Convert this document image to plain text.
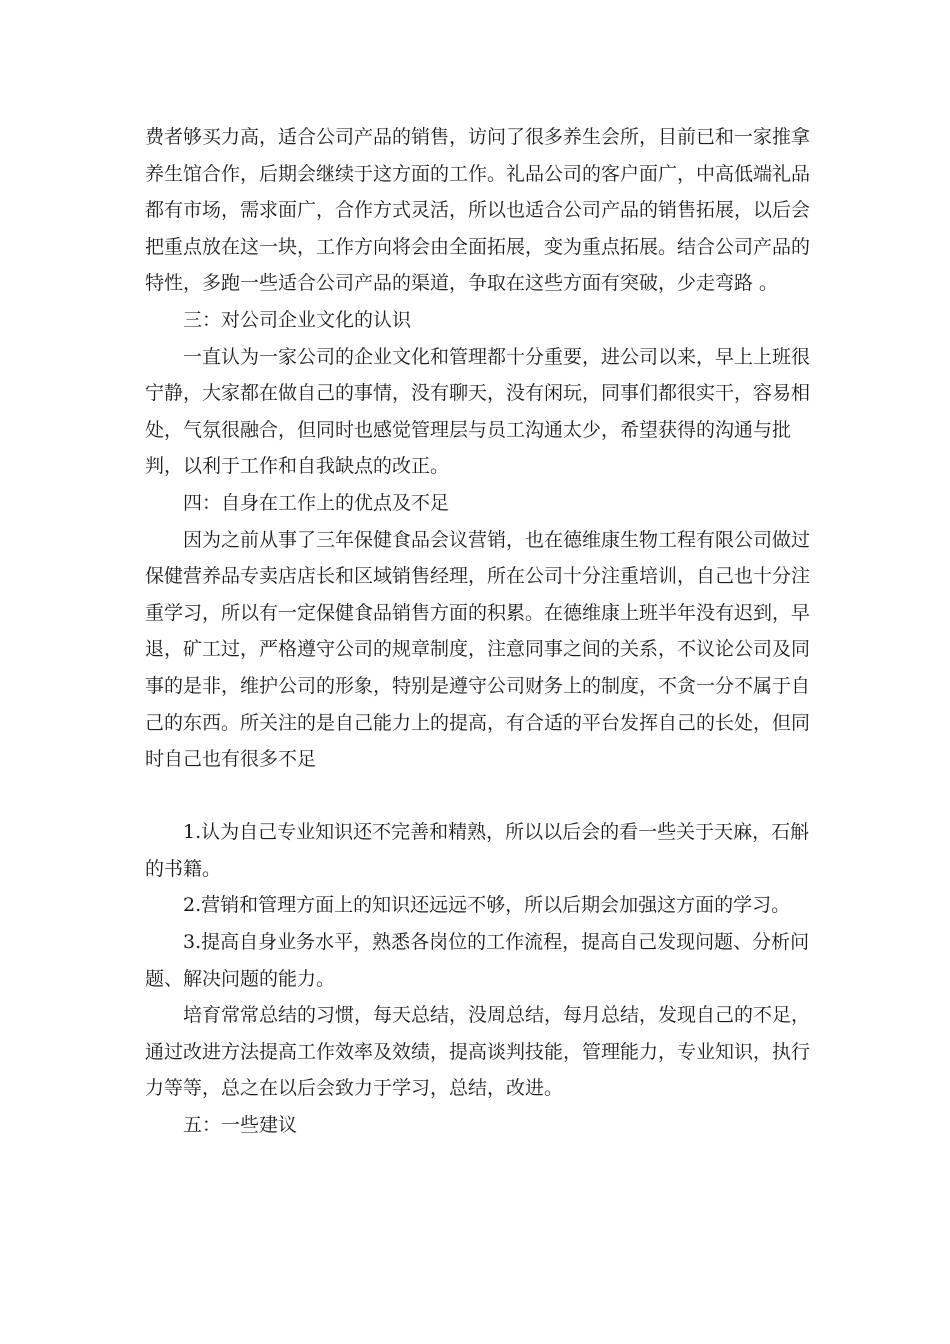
费者够买力高，适合公司产品的销售，访问了很多养生会所，目前已和一家推拿养生馆合作，后期会继续于这方面的工作。礼品公司的客户面广，中高低端礼品都有市场，需求面广，合作方式灵活，所以也适合公司产品的销售拓展，以后会把重点放在这一块，工作方向将会由全面拓展，变为重点拓展。结合公司产品的特性，多跑一些适合公司产品的渠道，争取在这些方面有突破，少走弯路 。

三：对公司企业文化的认识

一直认为一家公司的企业文化和管理都十分重要，进公司以来，早上上班很宁静，大家都在做自己的事情，没有聊天，没有闲玩，同事们都很实干，容易相处，气氛很融合，但同时也感觉管理层与员工沟通太少，希望获得的沟通与批判，以利于工作和自我缺点的改正。

四：自身在工作上的优点及不足

因为之前从事了三年保健食品会议营销，也在德维康生物工程有限公司做过保健营养品专卖店店长和区域销售经理，所在公司十分注重培训，自己也十分注重学习，所以有一定保健食品销售方面的积累。在德维康上班半年没有迟到，早退，矿工过，严格遵守公司的规章制度，注意同事之间的关系，不议论公司及同事的是非，维护公司的形象，特别是遵守公司财务上的制度，不贪一分不属于自己的东西。所关注的是自己能力上的提高，有合适的平台发挥自己的长处，但同时自己也有很多不足

1.认为自己专业知识还不完善和精熟，所以以后会的看一些关于天麻，石斛的书籍。

2.营销和管理方面上的知识还远远不够，所以后期会加强这方面的学习。

3.提高自身业务水平，熟悉各岗位的工作流程，提高自己发现问题、分析问题、解决问题的能力。

培育常常总结的习惯，每天总结，没周总结，每月总结，发现自己的不足，通过改进方法提高工作效率及效绩，提高谈判技能，管理能力，专业知识，执行力等等，总之在以后会致力于学习，总结，改进。

五：一些建议
